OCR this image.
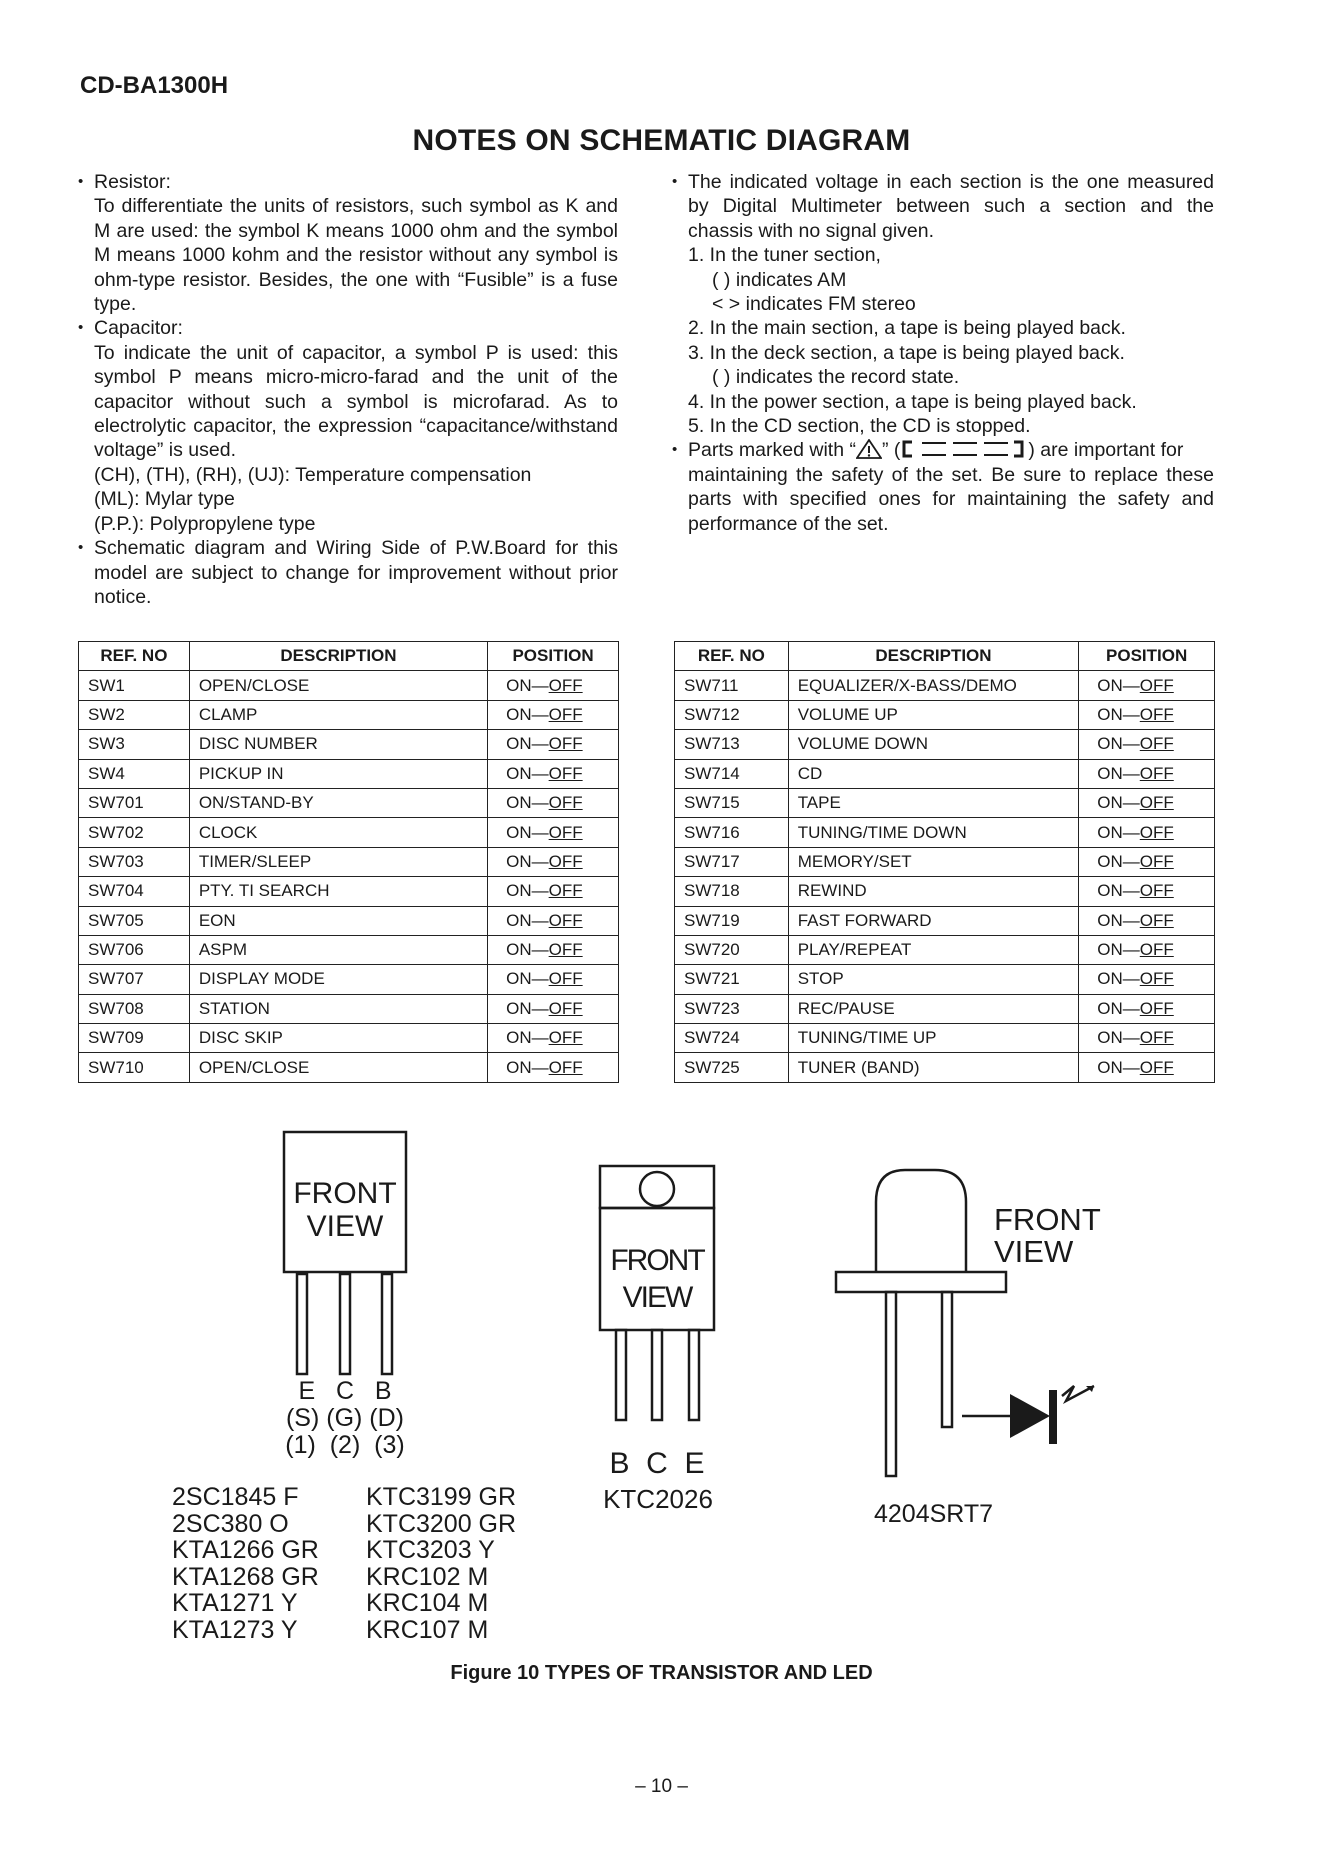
CD-BA1300H
NOTES ON SCHEMATIC DIAGRAM
• Resistor:
To differentiate the units of resistors, such symbol as K and M are used: the symbol K means 1000 ohm and the symbol M means 1000 kohm and the resistor without any symbol is ohm-type resistor. Besides, the one with “Fusible” is a fuse type.
• Capacitor:
To indicate the unit of capacitor, a symbol P is used: this symbol P means micro-micro-farad and the unit of the capacitor without such a symbol is microfarad. As to electrolytic capacitor, the expression “capacitance/withstand voltage” is used.
(CH), (TH), (RH), (UJ): Temperature compensation
(ML): Mylar type
(P.P.): Polypropylene type
• Schematic diagram and Wiring Side of P.W.Board for this model are subject to change for improvement without prior notice.
• The indicated voltage in each section is the one measured by Digital Multimeter between such a section and the chassis with no signal given.
1. In the tuner section,
( ) indicates AM
< > indicates FM stereo
2. In the main section, a tape is being played back.
3. In the deck section, a tape is being played back.
( ) indicates the record state.
4. In the power section, a tape is being played back.
5. In the CD section, the CD is stopped.
• Parts marked with “ ” (	) are important for
maintaining the safety of the set. Be sure to replace these parts with specified ones for maintaining the safety and performance of the set.
REF. NO	DESCRIPTION	POSITION
SW1	OPEN/CLOSE	ON—OFF
SW2	CLAMP	ON—OFF
SW3	DISC NUMBER	ON—OFF
SW4	PICKUP IN	ON—OFF
SW701	ON/STAND-BY	ON—OFF
SW702	CLOCK	ON—OFF
SW703	TIMER/SLEEP	ON—OFF
SW704	PTY. TI SEARCH	ON—OFF
SW705	EON	ON—OFF
SW706	ASPM	ON—OFF
SW707	DISPLAY MODE	ON—OFF
SW708	STATION	ON—OFF
SW709	DISC SKIP	ON—OFF
SW710	OPEN/CLOSE	ON—OFF
REF. NO	DESCRIPTION	POSITION
SW711	EQUALIZER/X-BASS/DEMO	ON—OFF
SW712	VOLUME UP	ON—OFF
SW713	VOLUME DOWN	ON—OFF
SW714	CD	ON—OFF
SW715	TAPE	ON—OFF
SW716	TUNING/TIME DOWN	ON—OFF
SW717	MEMORY/SET	ON—OFF
SW718	REWIND	ON—OFF
SW719	FAST FORWARD	ON—OFF
SW720	PLAY/REPEAT	ON—OFF
SW721	STOP	ON—OFF
SW723	REC/PAUSE	ON—OFF
SW724	TUNING/TIME UP	ON—OFF
SW725	TUNER (BAND)	ON—OFF
FRONT
VIEW
E   C   B
(S) (G) (D)
(1)  (2)  (3)
FRONT
VIEW
B  C  E
KTC2026
FRONT
VIEW
4204SRT7
2SC1845 F
2SC380 O
KTA1266 GR
KTA1268 GR
KTA1271 Y
KTA1273 Y
KTC3199 GR
KTC3200 GR
KTC3203 Y
KRC102 M
KRC104 M
KRC107 M
Figure 10 TYPES OF TRANSISTOR AND LED
– 10 –
